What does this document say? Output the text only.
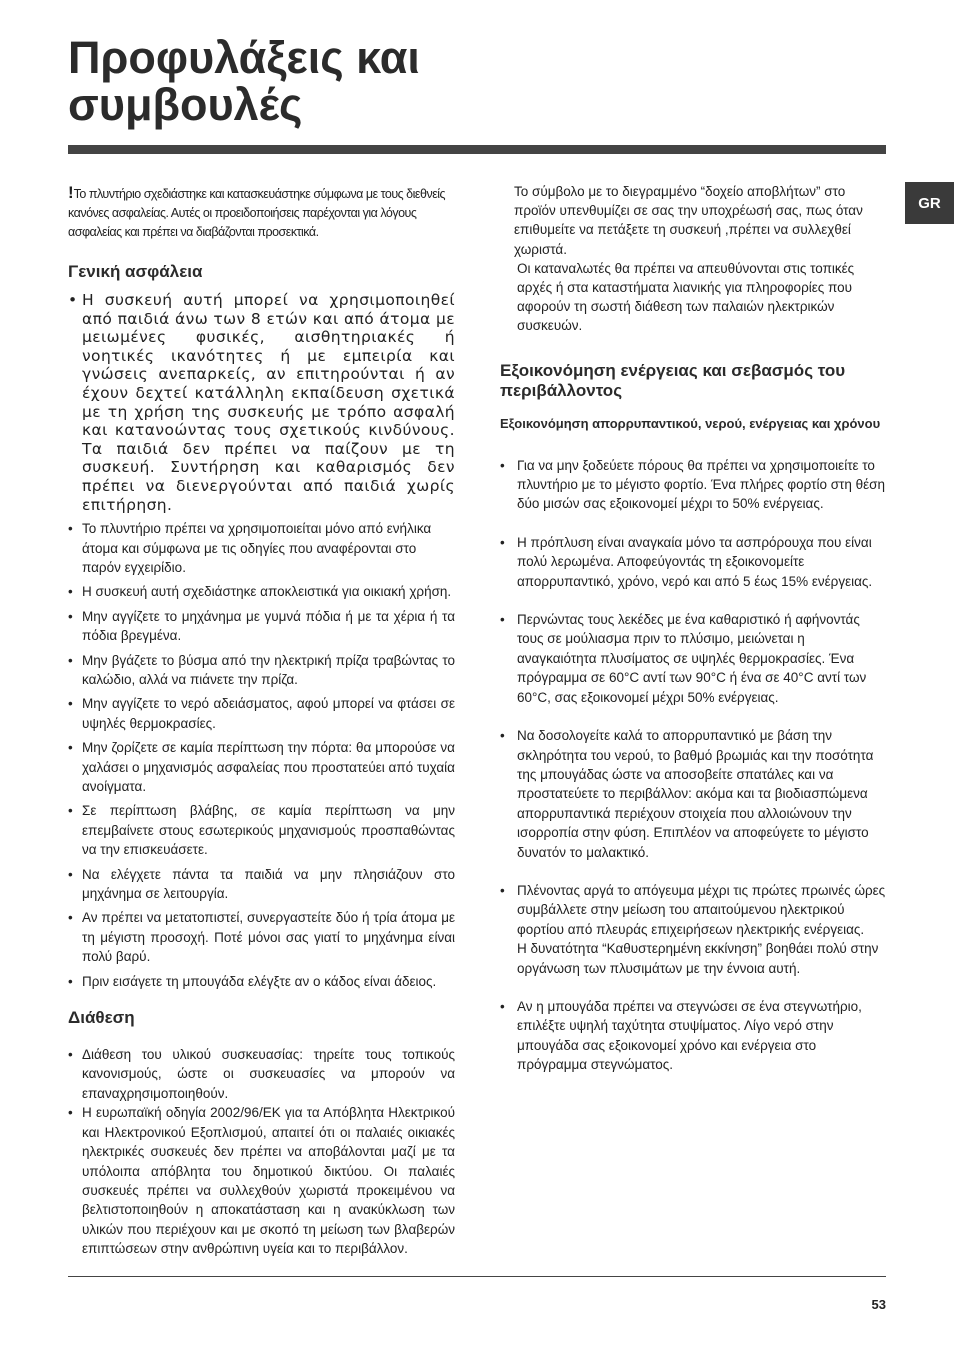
Προφυλάξεις και
συμβουλές
GR

!Το πλυντήριο σχεδιάστηκε και κατασκευάστηκε σύμφωνα με τους διεθνείς κανόνες ασφαλείας. Αυτές οι προειδοποιήσεις παρέχονται για λόγους ασφαλείας και πρέπει να διαβάζονται προσεκτικά.

Γενική ασφάλεια
• Η συσκευή αυτή μπορεί να χρησιμοποιηθεί από παιδιά άνω των 8 ετών και από άτομα με μειωμένες φυσικές, αισθητηριακές ή νοητικές ικανότητες ή με εμπειρία και γνώσεις ανεπαρκείς, αν επιτηρούνται ή αν έχουν δεχτεί κατάλληλη εκπαίδευση σχετικά με τη χρήση της συσκευής με τρόπο ασφαλή και κατανοώντας τους σχετικούς κινδύνους. Τα παιδιά δεν πρέπει να παίζουν με τη συσκευή. Συντήρηση και καθαρισμός δεν πρέπει να διενεργούνται από παιδιά χωρίς επιτήρηση.
• Το πλυντήριο πρέπει να χρησιμοποιείται μόνο από ενήλικα άτομα και σύμφωνα με τις οδηγίες που αναφέρονται στο παρόν εγχειρίδιο.
• Η συσκευή αυτή σχεδιάστηκε αποκλειστικά για οικιακή χρήση.
• Μην αγγίζετε το μηχάνημα με γυμνά πόδια ή με τα χέρια ή τα πόδια βρεγμένα.
• Μην βγάζετε το βύσμα από την ηλεκτρική πρίζα τραβώντας το καλώδιο, αλλά να πιάνετε την πρίζα.
• Μην αγγίζετε το νερό αδειάσματος, αφού μπορεί να φτάσει σε υψηλές θερμοκρασίες.
• Μην ζορίζετε σε καμία περίπτωση την πόρτα: θα μπορούσε να χαλάσει ο μηχανισμός ασφαλείας που προστατεύει από τυχαία ανοίγματα.
• Σε περίπτωση βλάβης, σε καμία περίπτωση να μην επεμβαίνετε στους εσωτερικούς μηχανισμούς προσπαθώντας να την επισκευάσετε.
• Να ελέγχετε πάντα τα παιδιά να μην πλησιάζουν στο μηχάνημα σε λειτουργία.
• Αν πρέπει να μετατοπιστεί, συνεργαστείτε δύο ή τρία άτομα με τη μέγιστη προσοχή. Ποτέ μόνοι σας γιατί το μηχάνημα είναι πολύ βαρύ.
• Πριν εισάγετε τη μπουγάδα ελέγξτε αν ο κάδος είναι άδειος.
Διάθεση
• Διάθεση του υλικού συσκευασίας: τηρείτε τους τοπικούς κανονισμούς, ώστε οι συσκευασίες να μπορούν να επαναχρησιμοποιηθούν.
• Η ευρωπαϊκή οδηγία 2002/96/ΕΚ για τα Απόβλητα Ηλεκτρικού και Ηλεκτρονικού Εξοπλισμού, απαιτεί ότι οι παλαιές οικιακές ηλεκτρικές συσκευές δεν πρέπει να αποβάλονται μαζί με τα υπόλοιπα απόβλητα του δημοτικού δικτύου. Οι παλαιές συσκευές πρέπει να συλλεχθούν χωριστά προκειμένου να βελτιστοποιηθούν η αποκατάσταση και η ανακύκλωση των υλικών που περιέχουν και με σκοπό τη μείωση των βλαβερών επιπτώσεων στην ανθρώπινη υγεία και το περιβάλλον.

Το σύμβολο με το διεγραμμένο “δοχείο αποβλήτων” στο προϊόν υπενθυμίζει σε σας την υποχρέωσή σας, πως όταν επιθυμείτε να πετάξετε τη συσκευή ,πρέπει να συλλεχθεί χωριστά.

Οι καταναλωτές θα πρέπει να απευθύνονται στις τοπικές αρχές ή στα καταστήματα λιανικής για πληροφορίες που αφορούν τη σωστή διάθεση των παλαιών ηλεκτρικών συσκευών.

Εξοικονόμηση ενέργειας και σεβασμός του περιβάλλοντος
Εξοικονόμηση απορρυπαντικού, νερού, ενέργειας και χρόνου
• Για να μην ξοδεύετε πόρους θα πρέπει να χρησιμοποιείτε το πλυντήριο με το μέγιστο φορτίο. Ένα πλήρες φορτίο στη θέση δύο μισών σας εξοικονομεί μέχρι το 50% ενέργειας.
• Η πρόπλυση είναι αναγκαία μόνο τα ασπρόρουχα που είναι πολύ λερωμένα. Αποφεύγοντάς τη εξοικονομείτε απορρυπαντικό, χρόνο, νερό και από 5 έως 15% ενέργειας.
• Περνώντας τους λεκέδες με ένα καθαριστικό ή αφήνοντάς τους σε μούλιασμα πριν το πλύσιμο, μειώνεται η αναγκαιότητα πλυσίματος σε υψηλές θερμοκρασίες. Ένα πρόγραμμα σε 60°C αντί των 90°C ή ένα σε 40°C αντί των 60°C, σας εξοικονομεί μέχρι 50% ενέργειας.
• Να δοσολογείτε καλά το απορρυπαντικό με βάση την σκληρότητα του νερού, το βαθμό βρωμιάς και την ποσότητα της μπουγάδας ώστε να αποσοβείτε σπατάλες και να προστατεύετε το περιβάλλον: ακόμα και τα βιοδιασπώμενα απορρυπαντικά περιέχουν στοιχεία που αλλοιώνουν την ισορροπία στην φύση. Επιπλέον να αποφεύγετε το μέγιστο δυνατόν το μαλακτικό.
• Πλένοντας αργά το απόγευμα μέχρι τις πρώτες πρωινές ώρες συμβάλλετε στην μείωση του απαιτούμενου ηλεκτρικού φορτίου από πλευράς επιχειρήσεων ηλεκτρικής ενέργειας.
Η δυνατότητα “Καθυστερημένη εκκίνηση” βοηθάει πολύ στην οργάνωση των πλυσιμάτων με την έννοια αυτή.
• Αν η μπουγάδα πρέπει να στεγνώσει σε ένα στεγνωτήριο, επιλέξτε υψηλή ταχύτητα στυψίματος. Λίγο νερό στην μπουγάδα σας εξοικονομεί χρόνο και ενέργεια στο πρόγραμμα στεγνώματος.
53
